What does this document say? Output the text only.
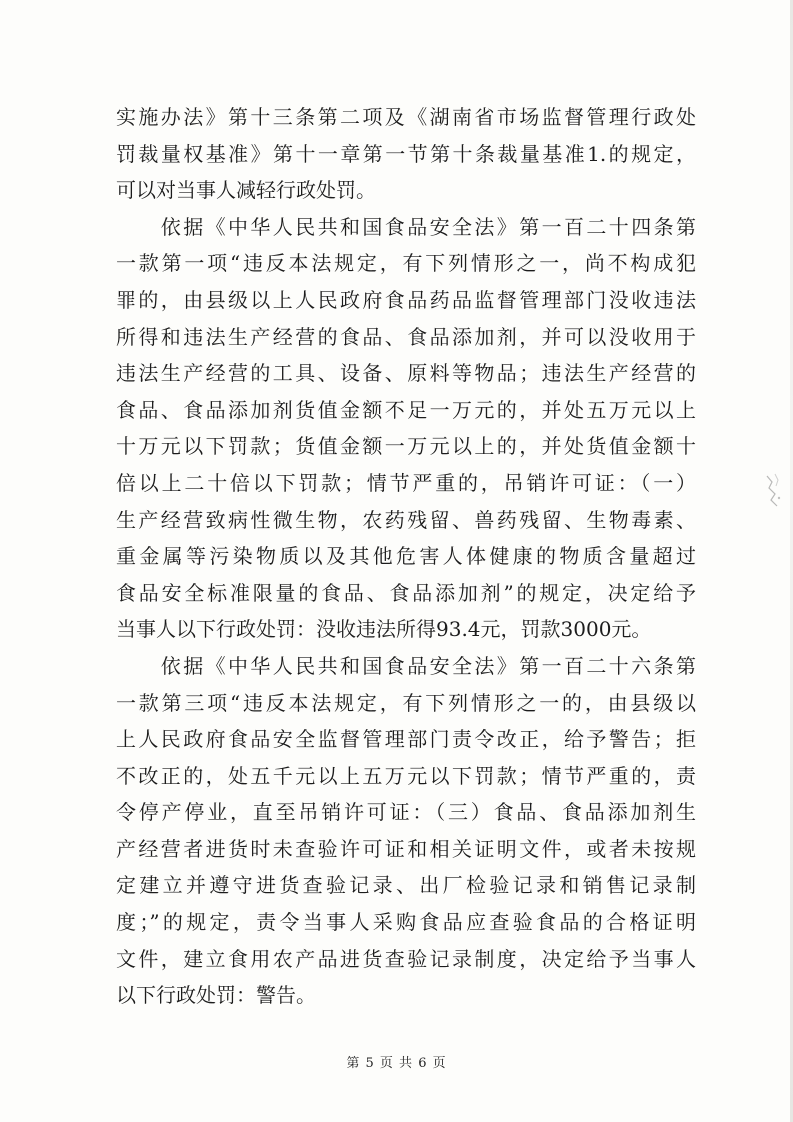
实施办法》第十三条第二项及《湖南省市场监督管理行政处
罚裁量权基准》第十一章第一节第十条裁量基准1.的规定，
可以对当事人减轻行政处罚。
　　依据《中华人民共和国食品安全法》第一百二十四条第
一款第一项“违反本法规定，有下列情形之一，尚不构成犯
罪的，由县级以上人民政府食品药品监督管理部门没收违法
所得和违法生产经营的食品、食品添加剂，并可以没收用于
违法生产经营的工具、设备、原料等物品；违法生产经营的
食品、食品添加剂货值金额不足一万元的，并处五万元以上
十万元以下罚款；货值金额一万元以上的，并处货值金额十
倍以上二十倍以下罚款；情节严重的，吊销许可证：（一）
生产经营致病性微生物，农药残留、兽药残留、生物毒素、
重金属等污染物质以及其他危害人体健康的物质含量超过
食品安全标准限量的食品、食品添加剂”的规定，决定给予
当事人以下行政处罚：没收违法所得93.4元，罚款3000元。
　　依据《中华人民共和国食品安全法》第一百二十六条第
一款第三项“违反本法规定，有下列情形之一的，由县级以
上人民政府食品安全监督管理部门责令改正，给予警告；拒
不改正的，处五千元以上五万元以下罚款；情节严重的，责
令停产停业，直至吊销许可证：（三）食品、食品添加剂生
产经营者进货时未查验许可证和相关证明文件，或者未按规
定建立并遵守进货查验记录、出厂检验记录和销售记录制
度；”的规定，责令当事人采购食品应查验食品的合格证明
文件，建立食用农产品进货查验记录制度，决定给予当事人
以下行政处罚：警告。
第 5 页 共 6 页
